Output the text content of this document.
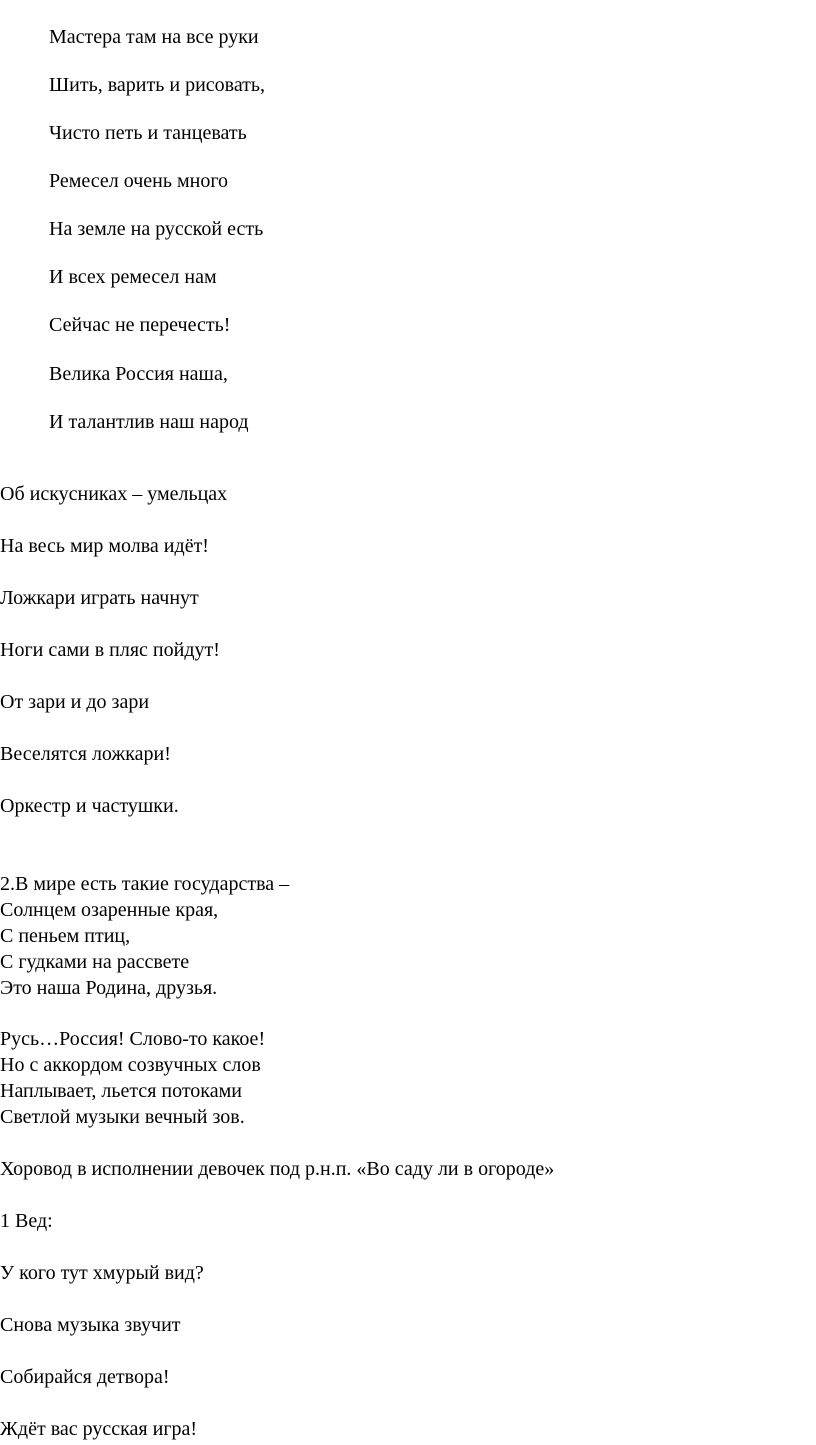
Мастера там на все руки
Шить, варить и рисовать,
Чисто петь и танцевать
Ремесел очень много
На земле на русской есть
И всех ремесел нам
Сейчас не перечесть!
Велика Россия наша,
И талантлив наш народ
Об искусниках – умельцах
На весь мир молва идёт!
Ложкари играть начнут
Ноги сами в пляс пойдут!
От зари и до зари
Веселятся ложкари!
Оркестр и частушки.
2.В мире есть такие государства –
Солнцем озаренные края,
С пеньем птиц,
С гудками на рассвете
Это наша Родина, друзья.
Русь…Россия! Слово-то какое!
Но с аккордом созвучных слов
Наплывает, льется потоками
Светлой музыки вечный зов.
Хоровод в исполнении девочек под р.н.п. «Во саду ли в огороде»
1 Вед:
У кого тут хмурый вид?
Снова музыка звучит
Собирайся детвора!
Ждёт вас русская игра!
